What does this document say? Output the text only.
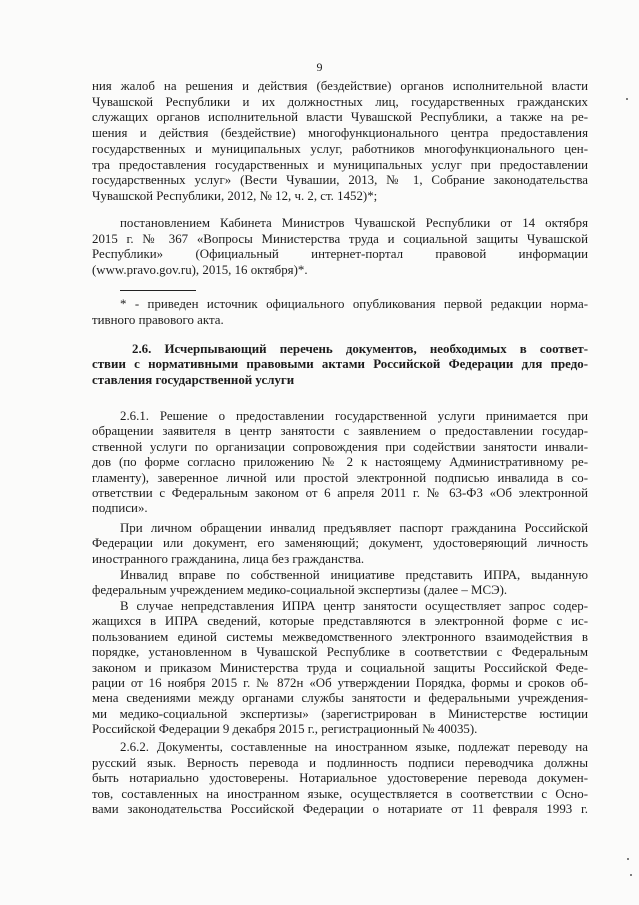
9
ния жалоб на решения и действия (бездействие) органов исполнительной власти
Чувашской Республики и их должностных лиц, государственных гражданских
служащих органов исполнительной власти Чувашской Республики, а также на ре-
шения и действия (бездействие) многофункционального центра предоставления
государственных и муниципальных услуг, работников многофункционального цен-
тра предоставления государственных и муниципальных услуг при предоставлении
государственных услуг» (Вести Чувашии, 2013, № 1, Собрание законодательства
Чувашской Республики, 2012, № 12, ч. 2, ст. 1452)*;
постановлением Кабинета Министров Чувашской Республики от 14 октября
2015 г. № 367 «Вопросы Министерства труда и социальной защиты Чувашской
Республики» (Официальный интернет-портал правовой информации
(www.pravo.gov.ru), 2015, 16 октября)*.
* - приведен источник официального опубликования первой редакции норма-
тивного правового акта.
2.6. Исчерпывающий перечень документов, необходимых в соответ-
ствии с нормативными правовыми актами Российской Федерации для предо-
ставления государственной услуги
2.6.1. Решение о предоставлении государственной услуги принимается при
обращении заявителя в центр занятости с заявлением о предоставлении государ-
ственной услуги по организации сопровождения при содействии занятости инвали-
дов (по форме согласно приложению № 2 к настоящему Административному ре-
гламенту), заверенное личной или простой электронной подписью инвалида в со-
ответствии с Федеральным законом от 6 апреля 2011 г. № 63-ФЗ «Об электронной
подписи».
При личном обращении инвалид предъявляет паспорт гражданина Российской
Федерации или документ, его заменяющий; документ, удостоверяющий личность
иностранного гражданина, лица без гражданства.
Инвалид вправе по собственной инициативе представить ИПРА, выданную
федеральным учреждением медико-социальной экспертизы (далее – МСЭ).
В случае непредставления ИПРА центр занятости осуществляет запрос содер-
жащихся в ИПРА сведений, которые представляются в электронной форме с ис-
пользованием единой системы межведомственного электронного взаимодействия в
порядке, установленном в Чувашской Республике в соответствии с Федеральным
законом и приказом Министерства труда и социальной защиты Российской Феде-
рации от 16 ноября 2015 г. № 872н «Об утверждении Порядка, формы и сроков об-
мена сведениями между органами службы занятости и федеральными учреждения-
ми медико-социальной экспертизы» (зарегистрирован в Министерстве юстиции
Российской Федерации 9 декабря 2015 г., регистрационный № 40035).
2.6.2. Документы, составленные на иностранном языке, подлежат переводу на
русский язык. Верность перевода и подлинность подписи переводчика должны
быть нотариально удостоверены. Нотариальное удостоверение перевода докумен-
тов, составленных на иностранном языке, осуществляется в соответствии с Осно-
вами законодательства Российской Федерации о нотариате от 11 февраля 1993 г.
